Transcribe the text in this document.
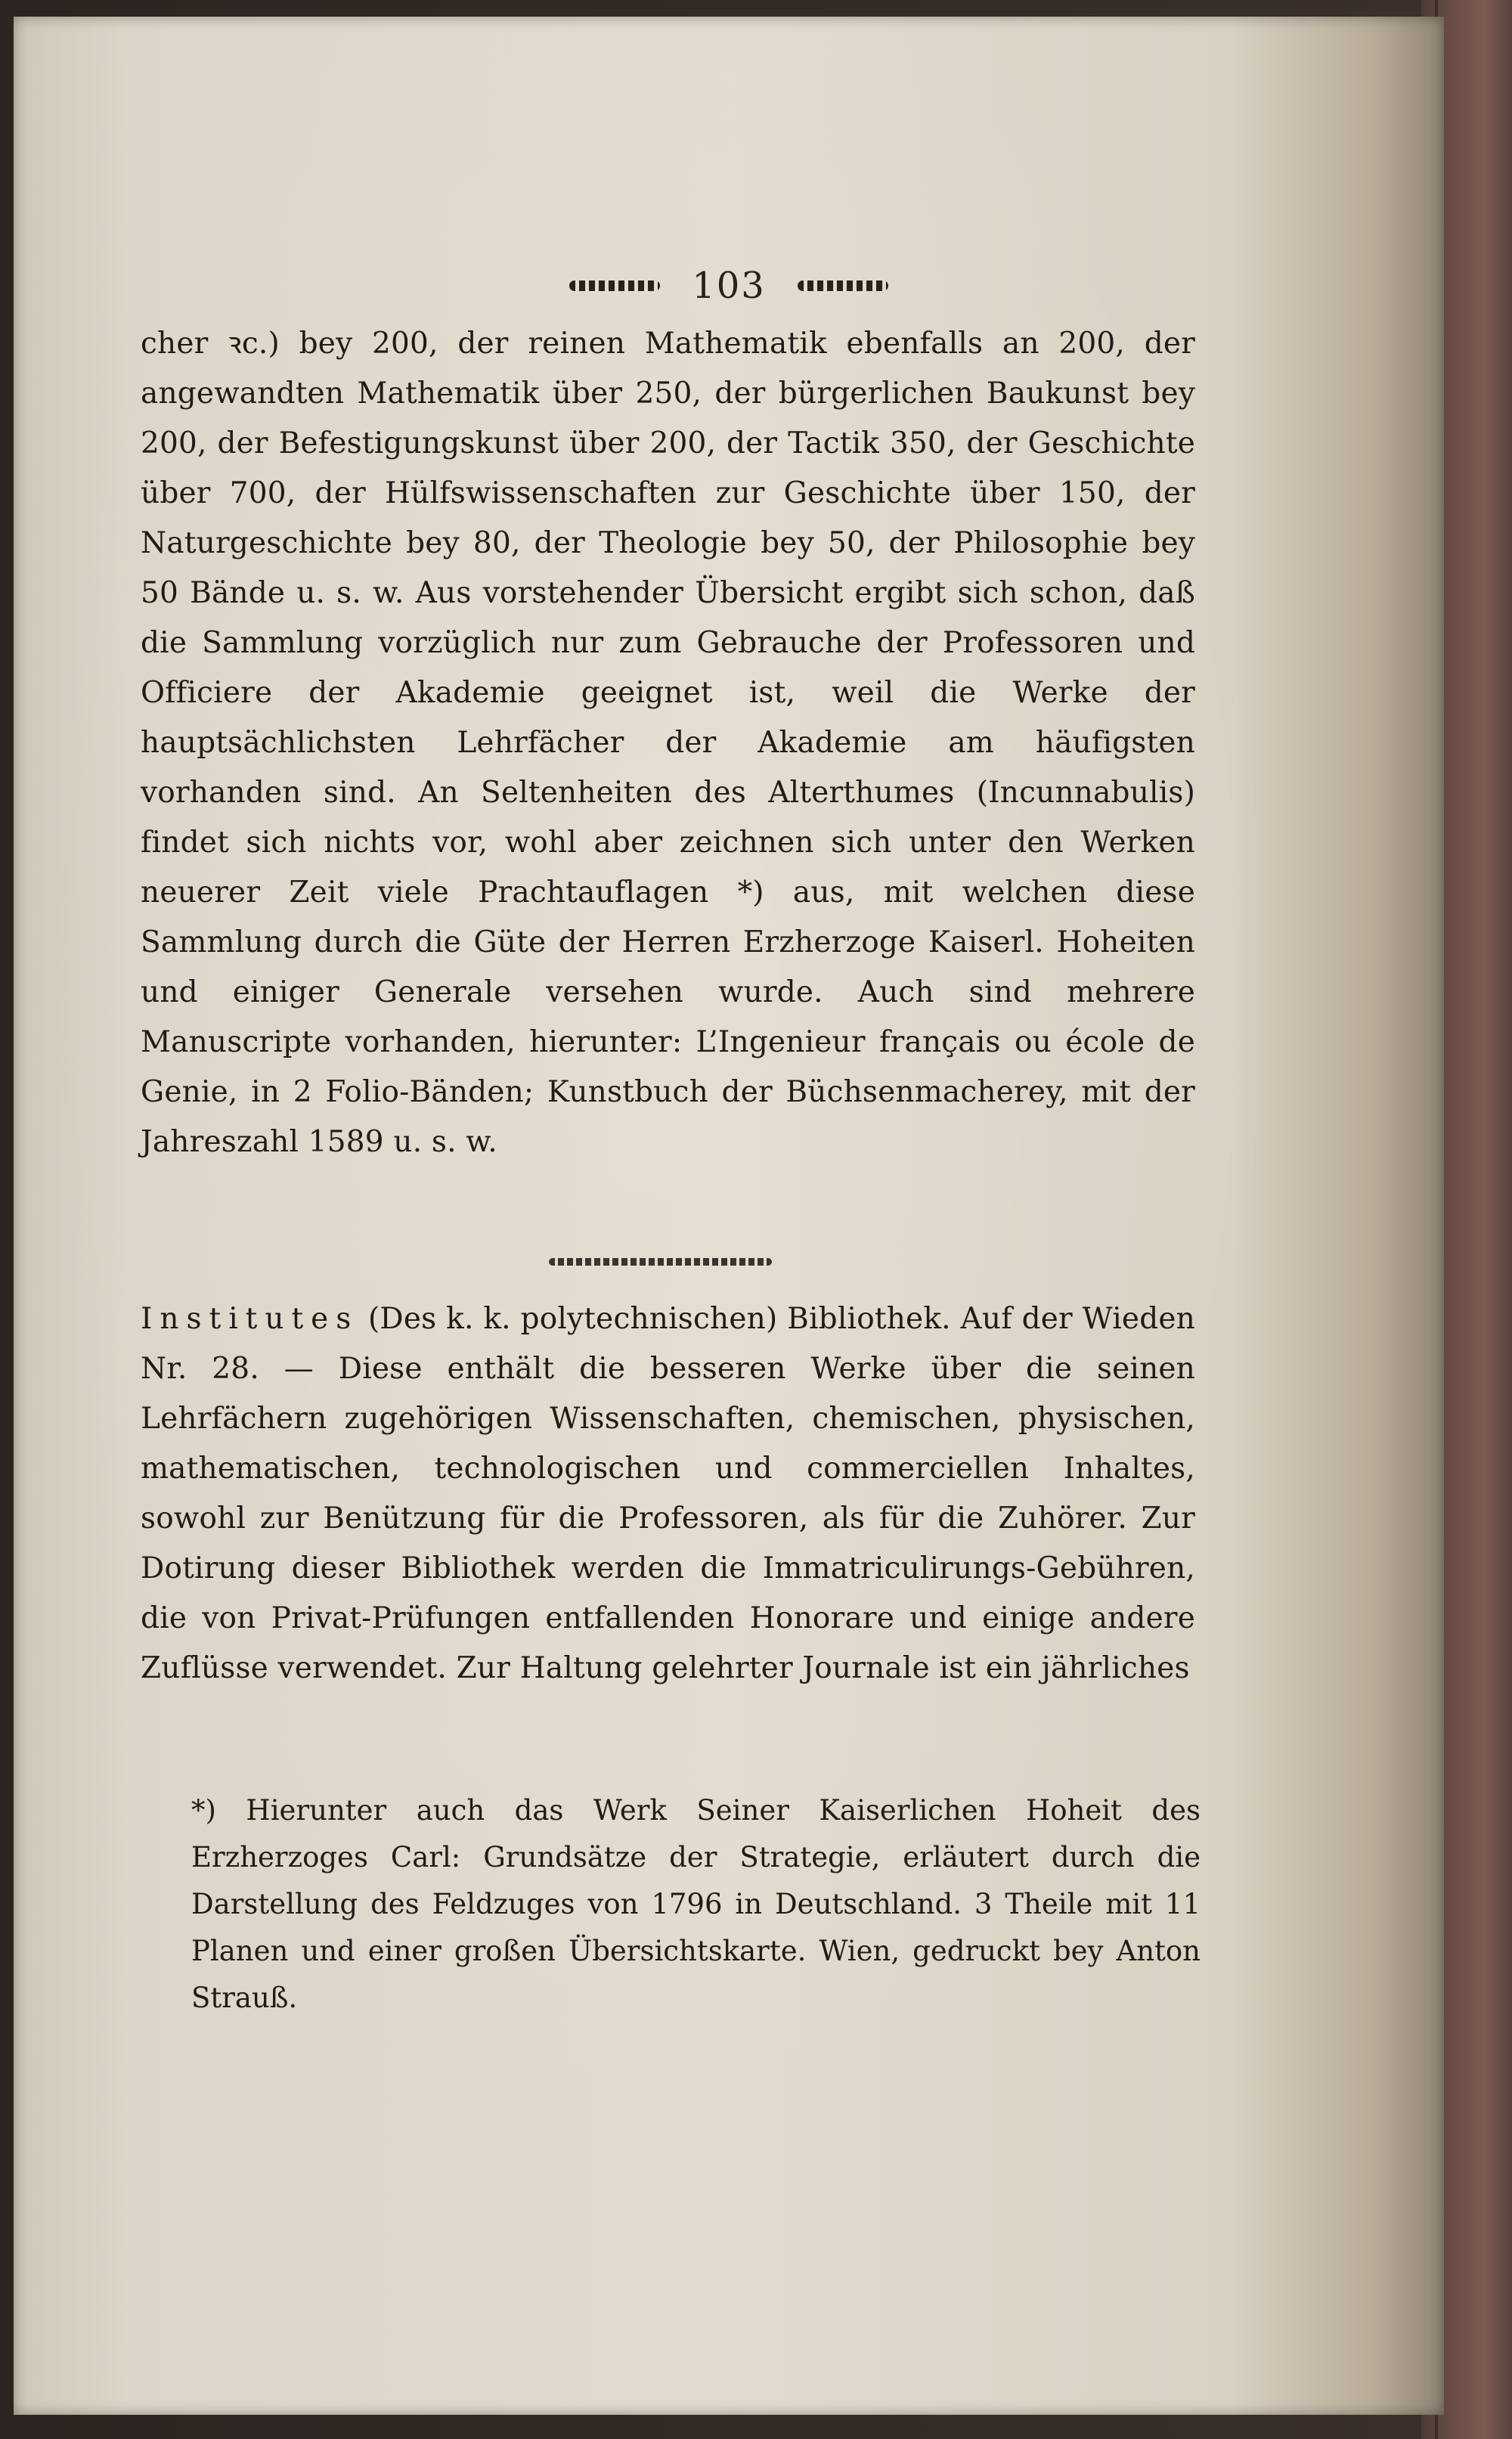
103
cher ꝛc.) bey 200, der reinen Mathematik ebenfalls an 200, der angewandten Mathematik über 250, der bürgerlichen Baukunst bey 200, der Befestigungskunst über 200, der Tactik 350, der Geschichte über 700, der Hülfswissenschaften zur Geschichte über 150, der Naturgeschichte bey 80, der Theologie bey 50, der Philosophie bey 50 Bände u. s. w. Aus vorstehender Übersicht ergibt sich schon, daß die Sammlung vorzüglich nur zum Gebrauche der Professoren und Officiere der Akademie geeignet ist, weil die Werke der hauptsächlichsten Lehrfächer der Akademie am häufigsten vorhanden sind. An Seltenheiten des Alterthumes (Incunnabulis) findet sich nichts vor, wohl aber zeichnen sich unter den Werken neuerer Zeit viele Prachtauflagen *) aus, mit welchen diese Sammlung durch die Güte der Herren Erzherzoge Kaiserl. Hoheiten und einiger Generale versehen wurde. Auch sind mehrere Manuscripte vorhanden, hierunter: L’Ingenieur français ou école de Genie, in 2 Folio-Bänden; Kunstbuch der Büchsenmacherey, mit der Jahreszahl 1589 u. s. w.
Institutes (Des k. k. polytechnischen) Bibliothek. Auf der Wieden Nr. 28. — Diese enthält die besseren Werke über die seinen Lehrfächern zugehörigen Wissenschaften, chemischen, physischen, mathematischen, technologischen und commerciellen Inhaltes, sowohl zur Benützung für die Professoren, als für die Zuhörer. Zur Dotirung dieser Bibliothek werden die Immatriculirungs-Gebühren, die von Privat-Prüfungen entfallenden Honorare und einige andere Zuflüsse verwendet. Zur Haltung gelehrter Journale ist ein jährliches
*) Hierunter auch das Werk Seiner Kaiserlichen Hoheit des Erzherzoges Carl: Grundsätze der Strategie, erläutert durch die Darstellung des Feldzuges von 1796 in Deutschland. 3 Theile mit 11 Planen und einer großen Übersichtskarte. Wien, gedruckt bey Anton Strauß.
